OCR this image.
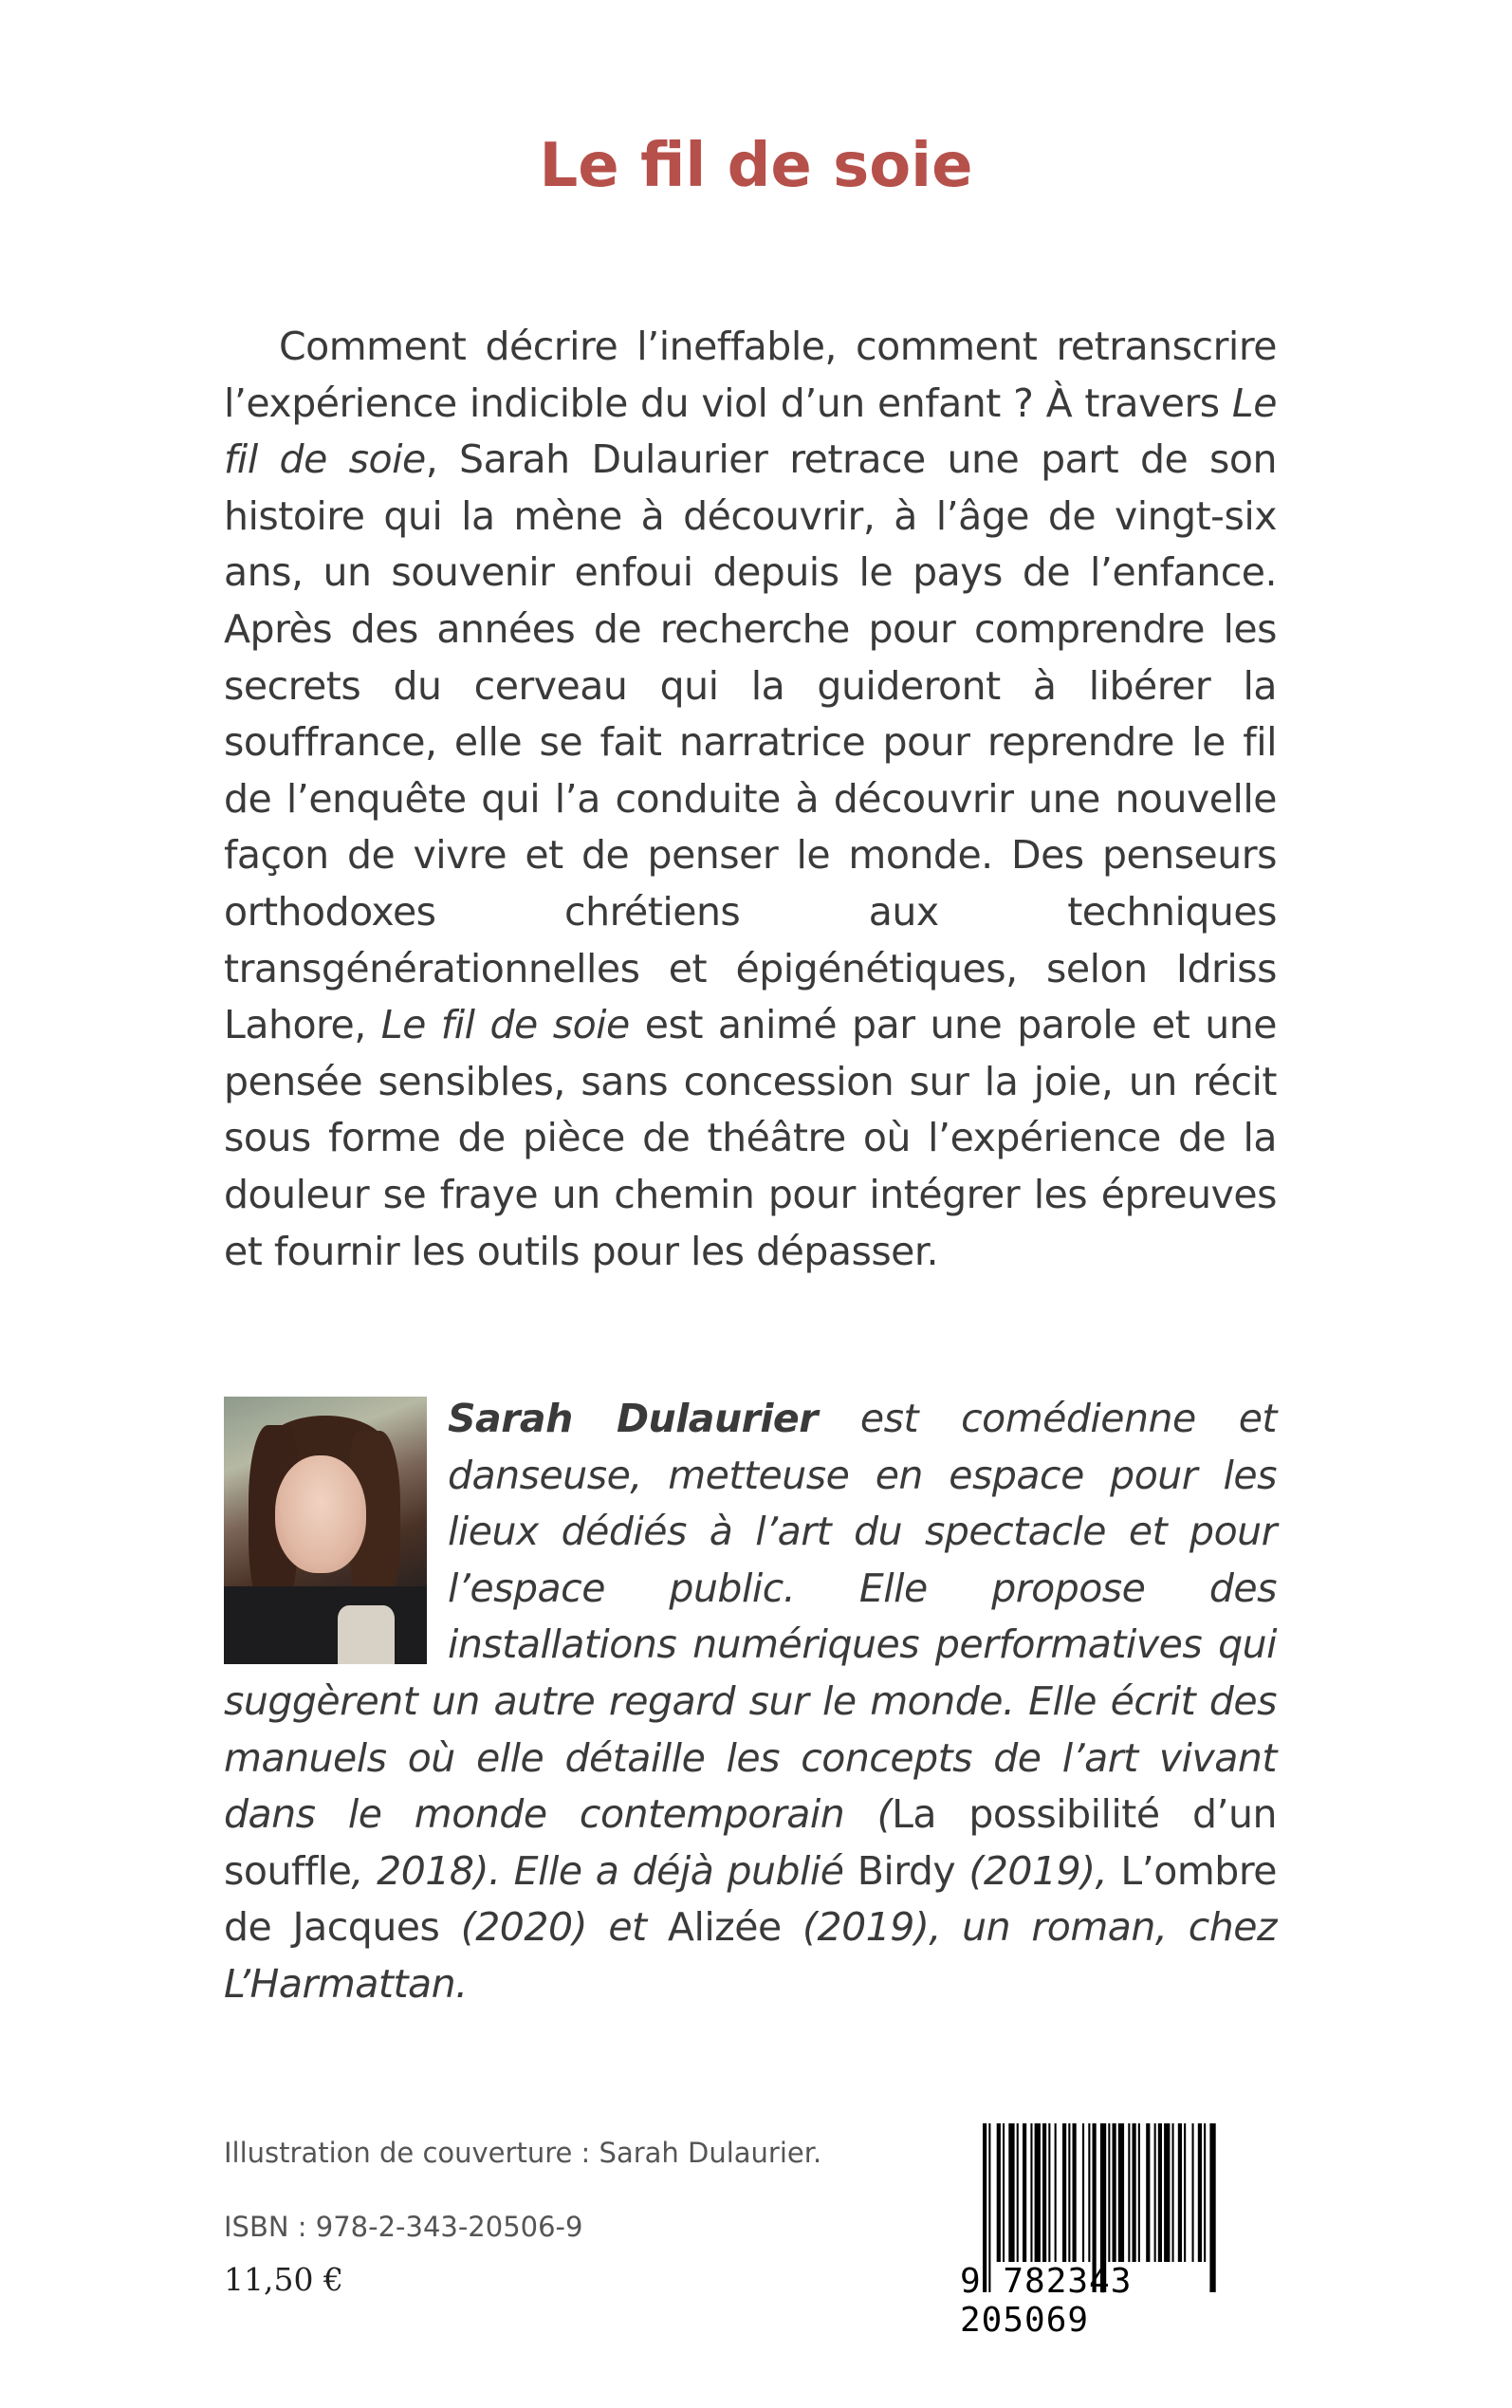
Le fil de soie

Comment décrire l’ineffable, comment retranscrire l’expérience indicible du viol d’un enfant ? À travers Le fil de soie, Sarah Dulaurier retrace une part de son histoire qui la mène à découvrir, à l’âge de vingt-six ans, un souvenir enfoui depuis le pays de l’enfance. Après des années de recherche pour comprendre les secrets du cerveau qui la guideront à libérer la souffrance, elle se fait narratrice pour reprendre le fil de l’enquête qui l’a conduite à découvrir une nouvelle façon de vivre et de penser le monde. Des penseurs orthodoxes chrétiens aux techniques transgénérationnelles et épigénétiques, selon Idriss Lahore, Le fil de soie est animé par une parole et une pensée sensibles, sans concession sur la joie, un récit sous forme de pièce de théâtre où l’expérience de la douleur se fraye un chemin pour intégrer les épreuves et fournir les outils pour les dépasser.

Sarah Dulaurier est comédienne et danseuse, metteuse en espace pour les lieux dédiés à l’art du spectacle et pour l’espace public. Elle propose des installations numériques performatives qui suggèrent un autre regard sur le monde. Elle écrit des manuels où elle détaille les concepts de l’art vivant dans le monde contemporain (La possibilité d’un souffle, 2018). Elle a déjà publié Birdy (2019), L’ombre de Jacques (2020) et Alizée (2019), un roman, chez L’Harmattan.
Illustration de couverture : Sarah Dulaurier.
ISBN : 978-2-343-20506-9
11,50 €	9 782343 205069
